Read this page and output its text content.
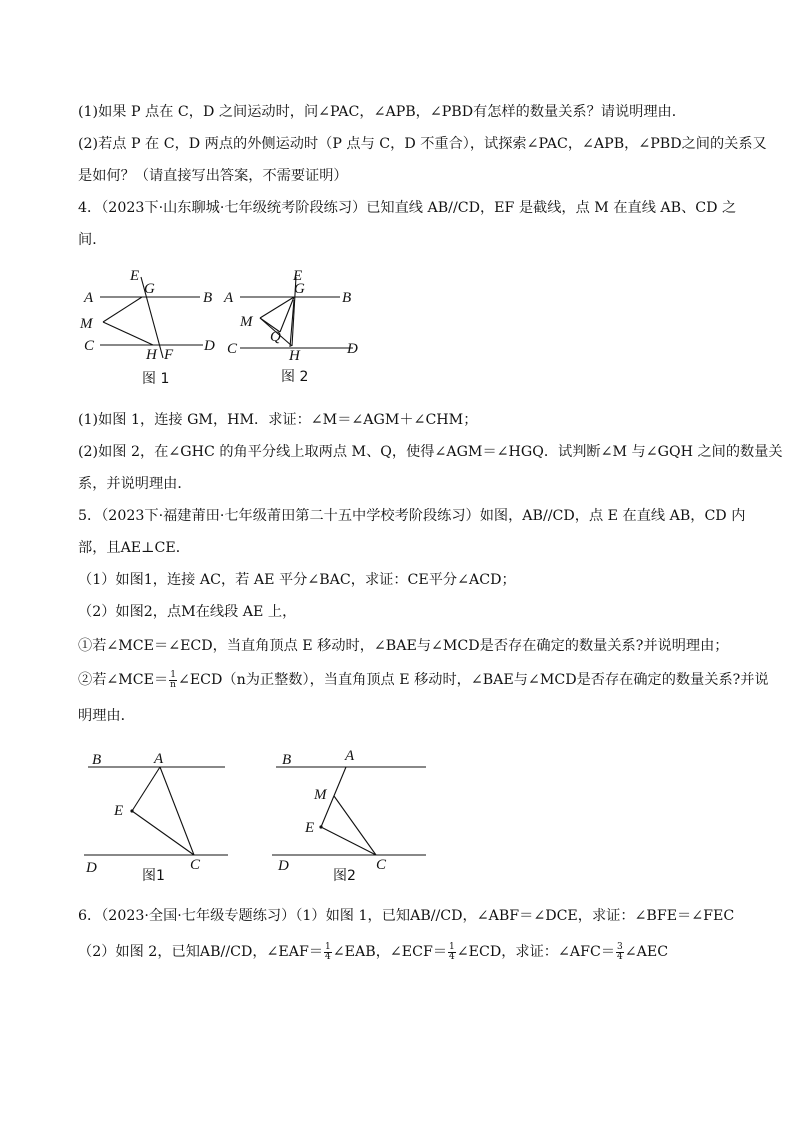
(1)如果 P 点在 C，D 之间运动时，问∠PAC，∠APB，∠PBD有怎样的数量关系？请说明理由．
(2)若点 P 在 C，D 两点的外侧运动时（P 点与 C，D 不重合），试探索∠PAC，∠APB，∠PBD之间的关系又
是如何？（请直接写出答案，不需要证明）
4．（2023下·山东聊城·七年级统考阶段练习）已知直线 AB//CD，EF 是截线，点 M 在直线 AB、CD 之
间．
E
G
A	B
M
C
H F
D
图 1
E
G
A	B
M
Q
C	H	D
图 2
(1)如图 1，连接 GM，HM．求证：∠M＝∠AGM＋∠CHM；
(2)如图 2，在∠GHC 的角平分线上取两点 M、Q，使得∠AGM＝∠HGQ．试判断∠M 与∠GQH 之间的数量关
系，并说明理由．
5．（2023下·福建莆田·七年级莆田第二十五中学校考阶段练习）如图，AB//CD，点 E 在直线 AB，CD 内
部，且AE⊥CE．
（1）如图1，连接 AC，若 AE 平分∠BAC，求证：CE平分∠ACD；
（2）如图2，点M在线段 AE 上，
①若∠MCE＝∠ECD，当直角顶点 E 移动时，∠BAE与∠MCD是否存在确定的数量关系?并说明理由；
②若∠MCE＝ $\frac{1}{n}$ ∠ECD（n为正整数），当直角顶点 E 移动时，∠BAE与∠MCD是否存在确定的数量关系?并说
明理由．
B	A
E
D	C
图1
B	A
M
E
D	C
图2
6．（2023·全国·七年级专题练习）（1）如图 1，已知AB//CD，∠ABF＝∠DCE，求证：∠BFE＝∠FEC
（2）如图 2，已知AB//CD，∠EAF＝ $\frac{1}{4}$ ∠EAB，∠ECF＝ $\frac{1}{4}$ ∠ECD，求证：∠AFC＝ $\frac{3}{4}$ ∠AEC
